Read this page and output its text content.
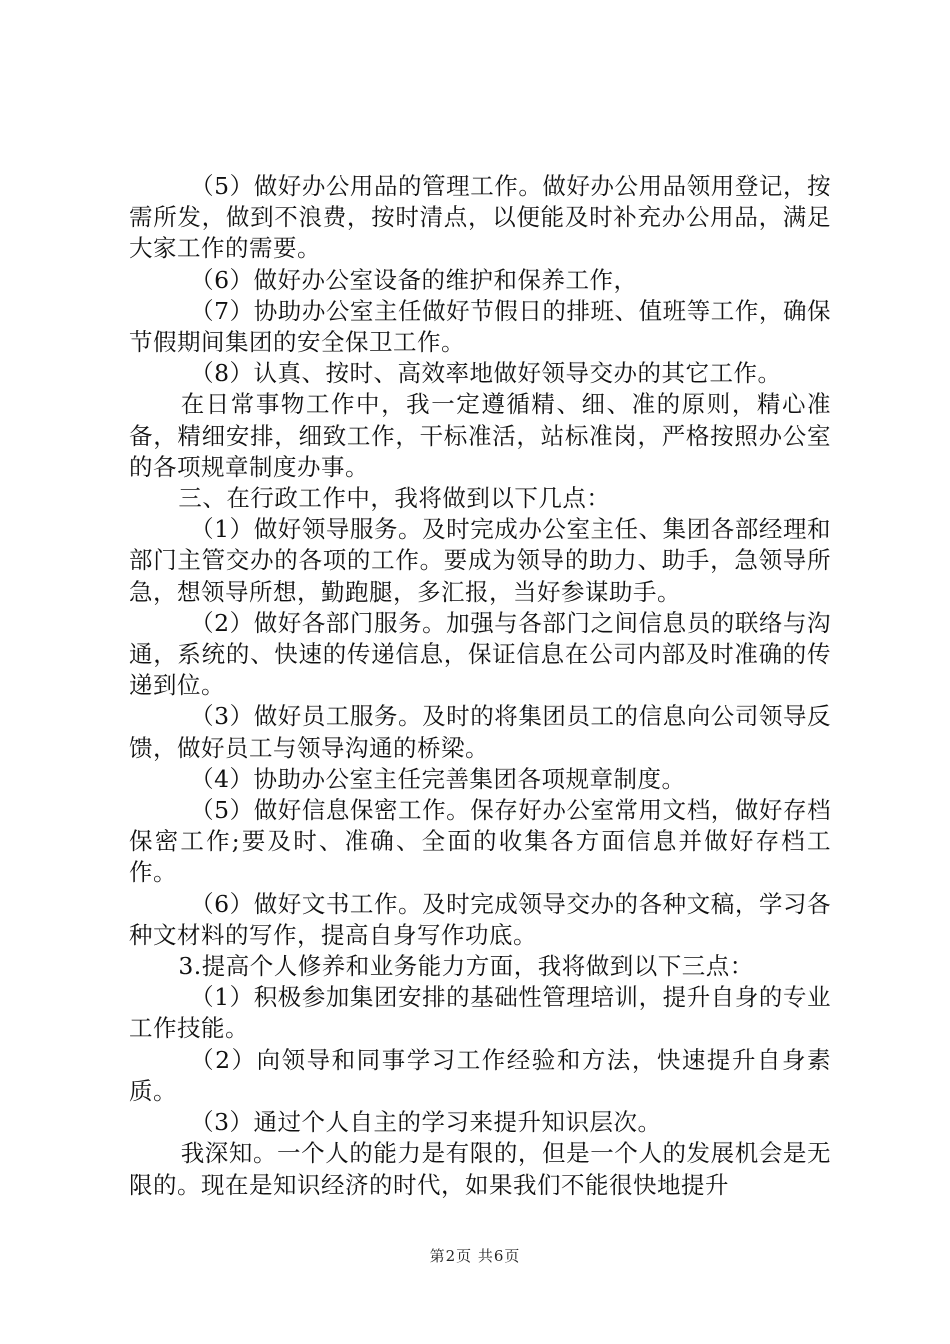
（5）做好办公用品的管理工作。做好办公用品领用登记，按需所发，做到不浪费，按时清点，以便能及时补充办公用品，满足大家工作的需要。

（6）做好办公室设备的维护和保养工作，

（7）协助办公室主任做好节假日的排班、值班等工作，确保节假期间集团的安全保卫工作。

（8）认真、按时、高效率地做好领导交办的其它工作。

在日常事物工作中，我一定遵循精、细、准的原则，精心准备，精细安排，细致工作，干标准活，站标准岗，严格按照办公室的各项规章制度办事。

三、在行政工作中，我将做到以下几点：

（1）做好领导服务。及时完成办公室主任、集团各部经理和部门主管交办的各项的工作。要成为领导的助力、助手，急领导所急，想领导所想，勤跑腿，多汇报，当好参谋助手。

（2）做好各部门服务。加强与各部门之间信息员的联络与沟通，系统的、快速的传递信息，保证信息在公司内部及时准确的传递到位。

（3）做好员工服务。及时的将集团员工的信息向公司领导反馈，做好员工与领导沟通的桥梁。

（4）协助办公室主任完善集团各项规章制度。

（5）做好信息保密工作。保存好办公室常用文档，做好存档保密工作;要及时、准确、全面的收集各方面信息并做好存档工作。

（6）做好文书工作。及时完成领导交办的各种文稿，学习各种文材料的写作，提高自身写作功底。

3.提高个人修养和业务能力方面，我将做到以下三点：

（1）积极参加集团安排的基础性管理培训，提升自身的专业工作技能。

（2）向领导和同事学习工作经验和方法，快速提升自身素质。

（3）通过个人自主的学习来提升知识层次。

我深知。一个人的能力是有限的，但是一个人的发展机会是无限的。现在是知识经济的时代，如果我们不能很快地提升

第2页 共6页
